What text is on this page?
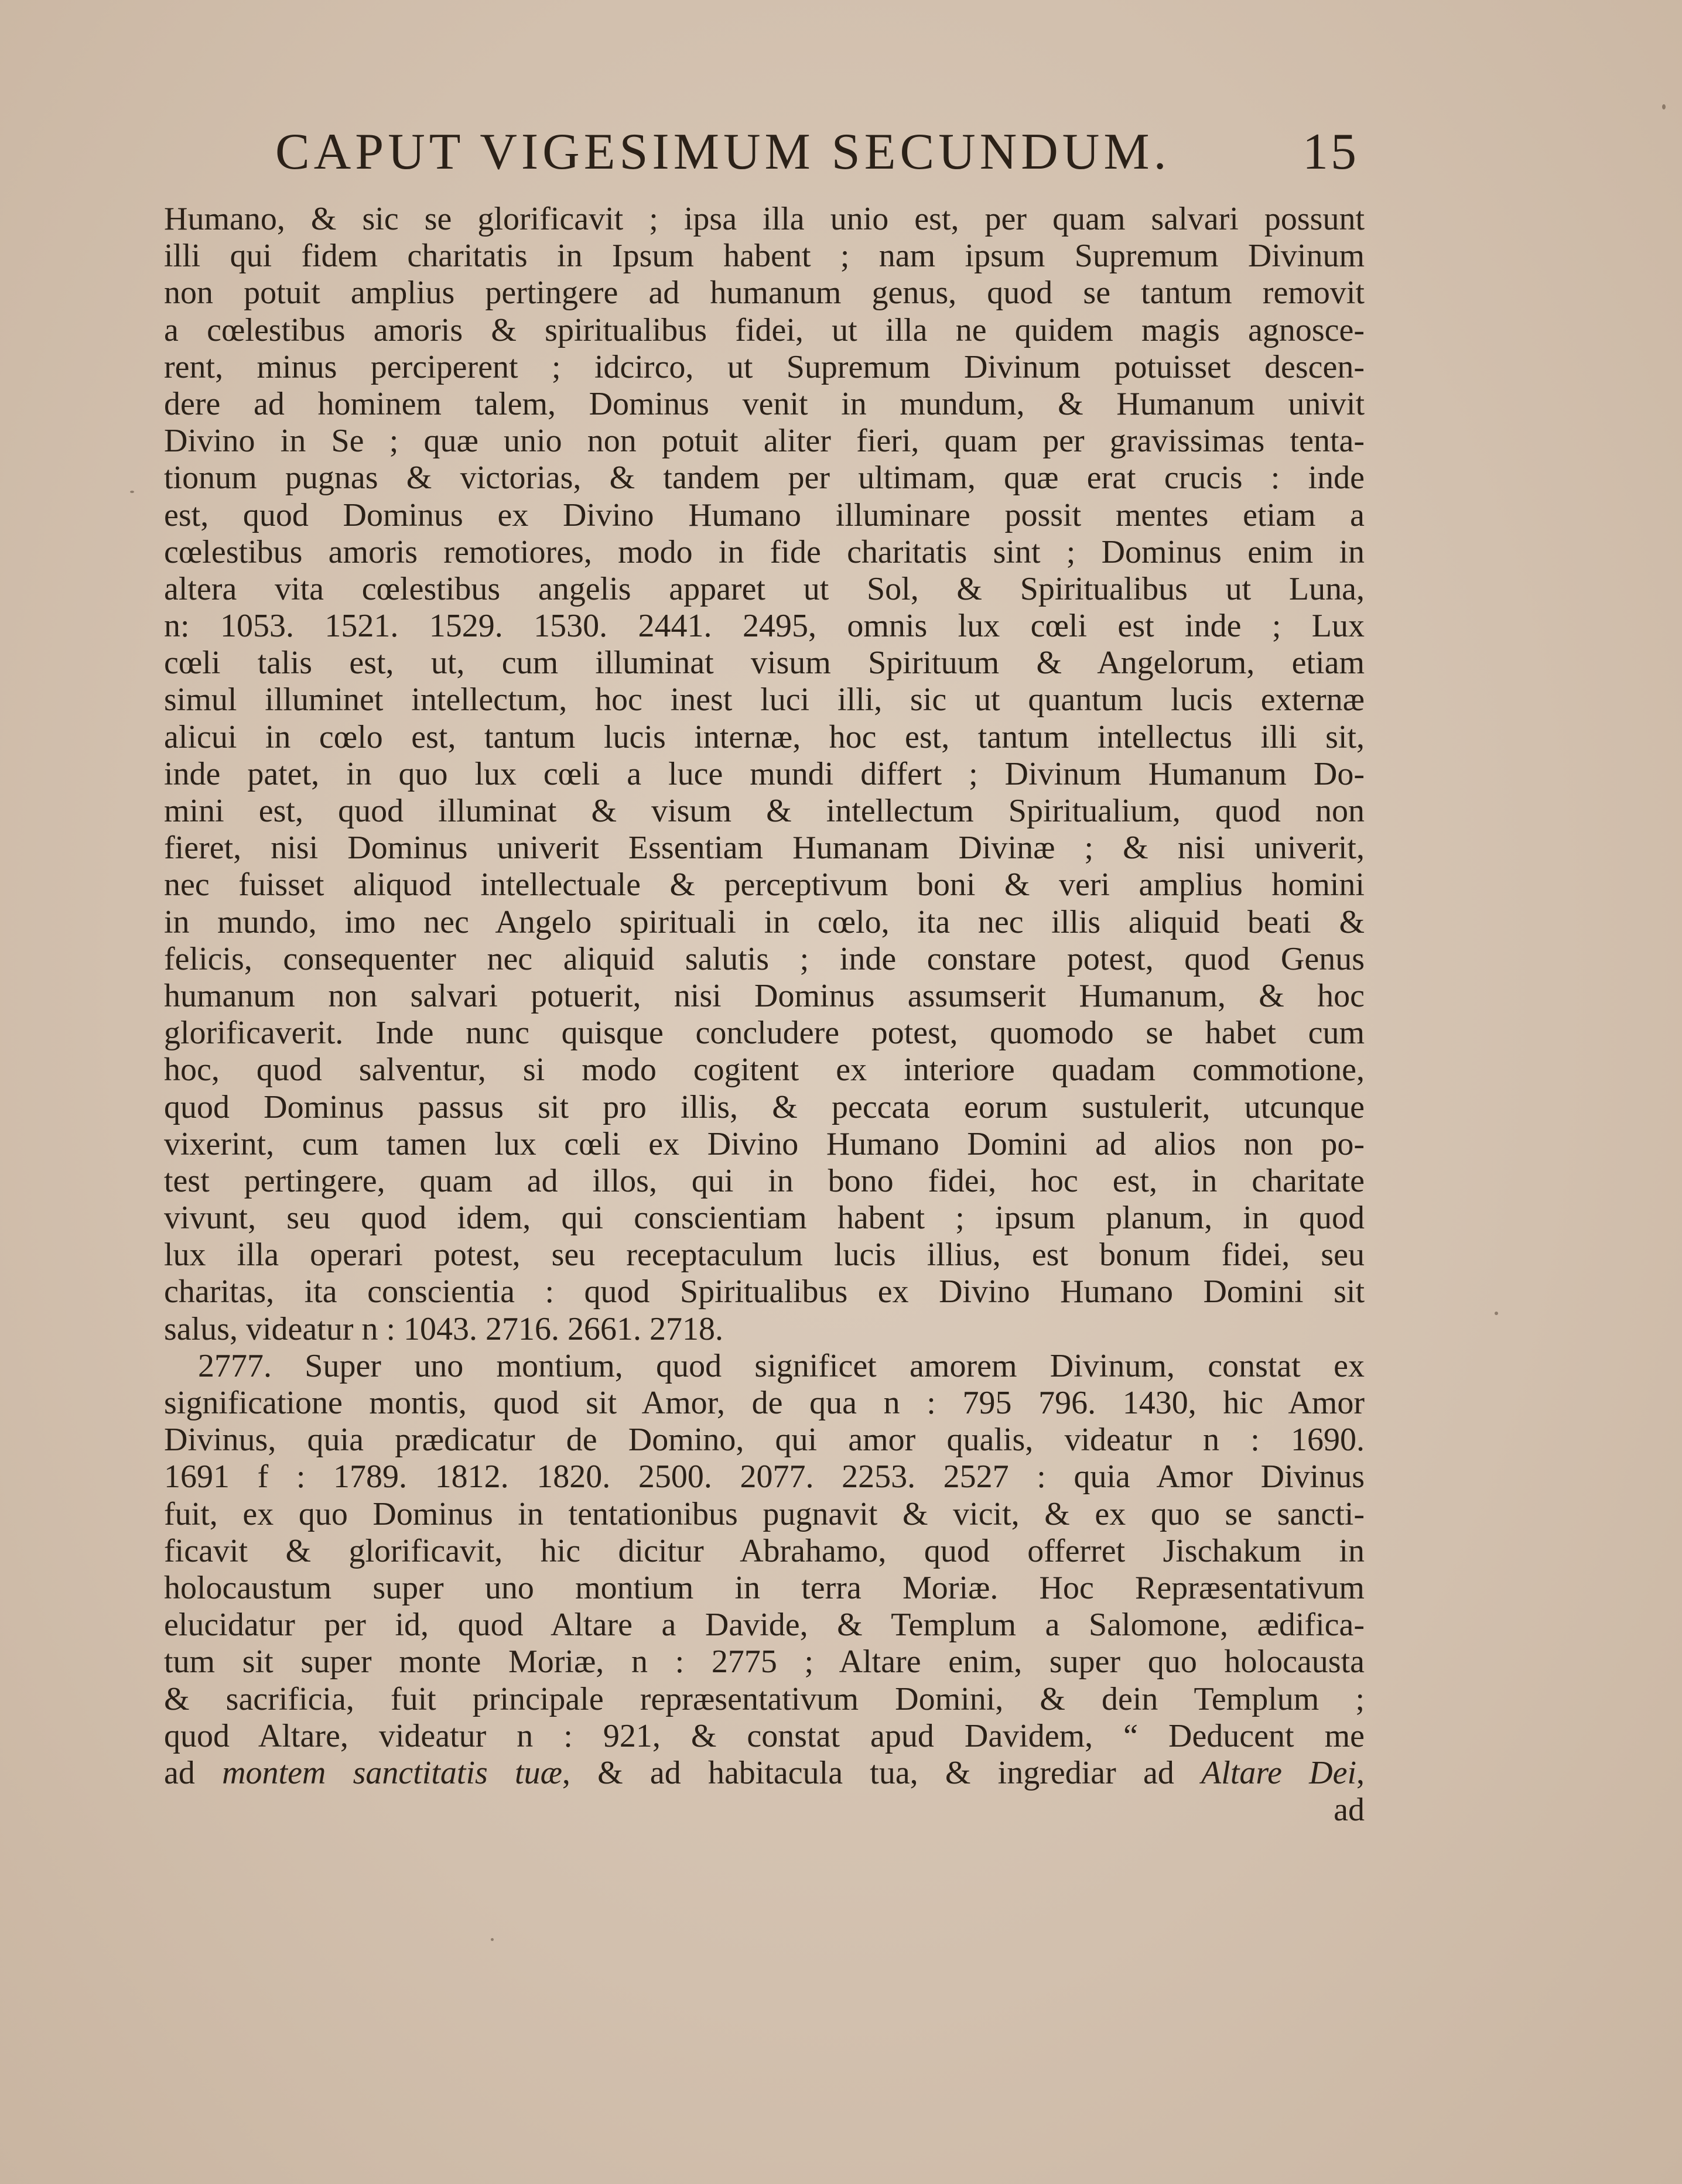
CAPUT VIGESIMUM SECUNDUM.	15
Humano, & sic se glorificavit ; ipsa illa unio est, per quam salvari possunt
illi qui fidem charitatis in Ipsum habent ; nam ipsum Supremum Divinum
non potuit amplius pertingere ad humanum genus, quod se tantum removit
a cœlestibus amoris & spiritualibus fidei, ut illa ne quidem magis agnosce-
rent, minus perciperent ; idcirco, ut Supremum Divinum potuisset descen-
dere ad hominem talem, Dominus venit in mundum, & Humanum univit
Divino in Se ; quæ unio non potuit aliter fieri, quam per gravissimas tenta-
tionum pugnas & victorias, & tandem per ultimam, quæ erat crucis : inde
est, quod Dominus ex Divino Humano illuminare possit mentes etiam a
cœlestibus amoris remotiores, modo in fide charitatis sint ; Dominus enim in
altera vita cœlestibus angelis apparet ut Sol, & Spiritualibus ut Luna,
n: 1053. 1521. 1529. 1530. 2441. 2495, omnis lux cœli est inde ; Lux
cœli talis est, ut, cum illuminat visum Spirituum & Angelorum, etiam
simul illuminet intellectum, hoc inest luci illi, sic ut quantum lucis externæ
alicui in cœlo est, tantum lucis internæ, hoc est, tantum intellectus illi sit,
inde patet, in quo lux cœli a luce mundi differt ; Divinum Humanum Do-
mini est, quod illuminat & visum & intellectum Spiritualium, quod non
fieret, nisi Dominus univerit Essentiam Humanam Divinæ ; & nisi univerit,
nec fuisset aliquod intellectuale & perceptivum boni & veri amplius homini
in mundo, imo nec Angelo spirituali in cœlo, ita nec illis aliquid beati &
felicis, consequenter nec aliquid salutis ; inde constare potest, quod Genus
humanum non salvari potuerit, nisi Dominus assumserit Humanum, & hoc
glorificaverit. Inde nunc quisque concludere potest, quomodo se habet cum
hoc, quod salventur, si modo cogitent ex interiore quadam commotione,
quod Dominus passus sit pro illis, & peccata eorum sustulerit, utcunque
vixerint, cum tamen lux cœli ex Divino Humano Domini ad alios non po-
test pertingere, quam ad illos, qui in bono fidei, hoc est, in charitate
vivunt, seu quod idem, qui conscientiam habent ; ipsum planum, in quod
lux illa operari potest, seu receptaculum lucis illius, est bonum fidei, seu
charitas, ita conscientia : quod Spiritualibus ex Divino Humano Domini sit
salus, videatur n : 1043. 2716. 2661. 2718.
2777. Super uno montium, quod significet amorem Divinum, constat ex
significatione montis, quod sit Amor, de qua n : 795 796. 1430, hic Amor
Divinus, quia prædicatur de Domino, qui amor qualis, videatur n : 1690.
1691 f : 1789. 1812. 1820. 2500. 2077. 2253. 2527 : quia Amor Divinus
fuit, ex quo Dominus in tentationibus pugnavit & vicit, & ex quo se sancti-
ficavit & glorificavit, hic dicitur Abrahamo, quod offerret Jischakum in
holocaustum super uno montium in terra Moriæ. Hoc Repræsentativum
elucidatur per id, quod Altare a Davide, & Templum a Salomone, ædifica-
tum sit super monte Moriæ, n : 2775 ; Altare enim, super quo holocausta
& sacrificia, fuit principale repræsentativum Domini, & dein Templum ;
quod Altare, videatur n : 921, & constat apud Davidem, “ Deducent me
ad montem sanctitatis tuæ, & ad habitacula tua, & ingrediar ad Altare Dei,
ad
